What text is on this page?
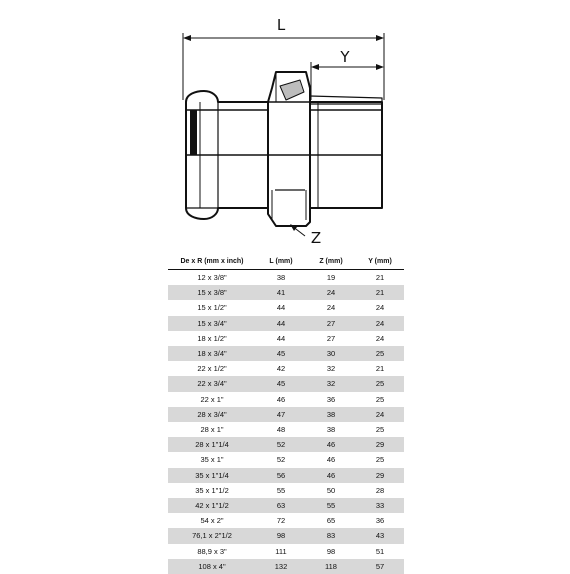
L
Y
Z
De x R (mm x inch)	L (mm)	Z (mm)	Y (mm)
12 x 3/8"	38	19	21
15 x 3/8"	41	24	21
15 x 1/2"	44	24	24
15 x 3/4"	44	27	24
18 x 1/2"	44	27	24
18 x 3/4"	45	30	25
22 x 1/2"	42	32	21
22 x 3/4"	45	32	25
22 x 1"	46	36	25
28 x 3/4"	47	38	24
28 x 1"	48	38	25
28 x 1"1/4	52	46	29
35 x 1"	52	46	25
35 x 1"1/4	56	46	29
35 x 1"1/2	55	50	28
42 x 1"1/2	63	55	33
54 x 2"	72	65	36
76,1 x 2"1/2	98	83	43
88,9 x 3"	111	98	51
108 x 4"	132	118	57
